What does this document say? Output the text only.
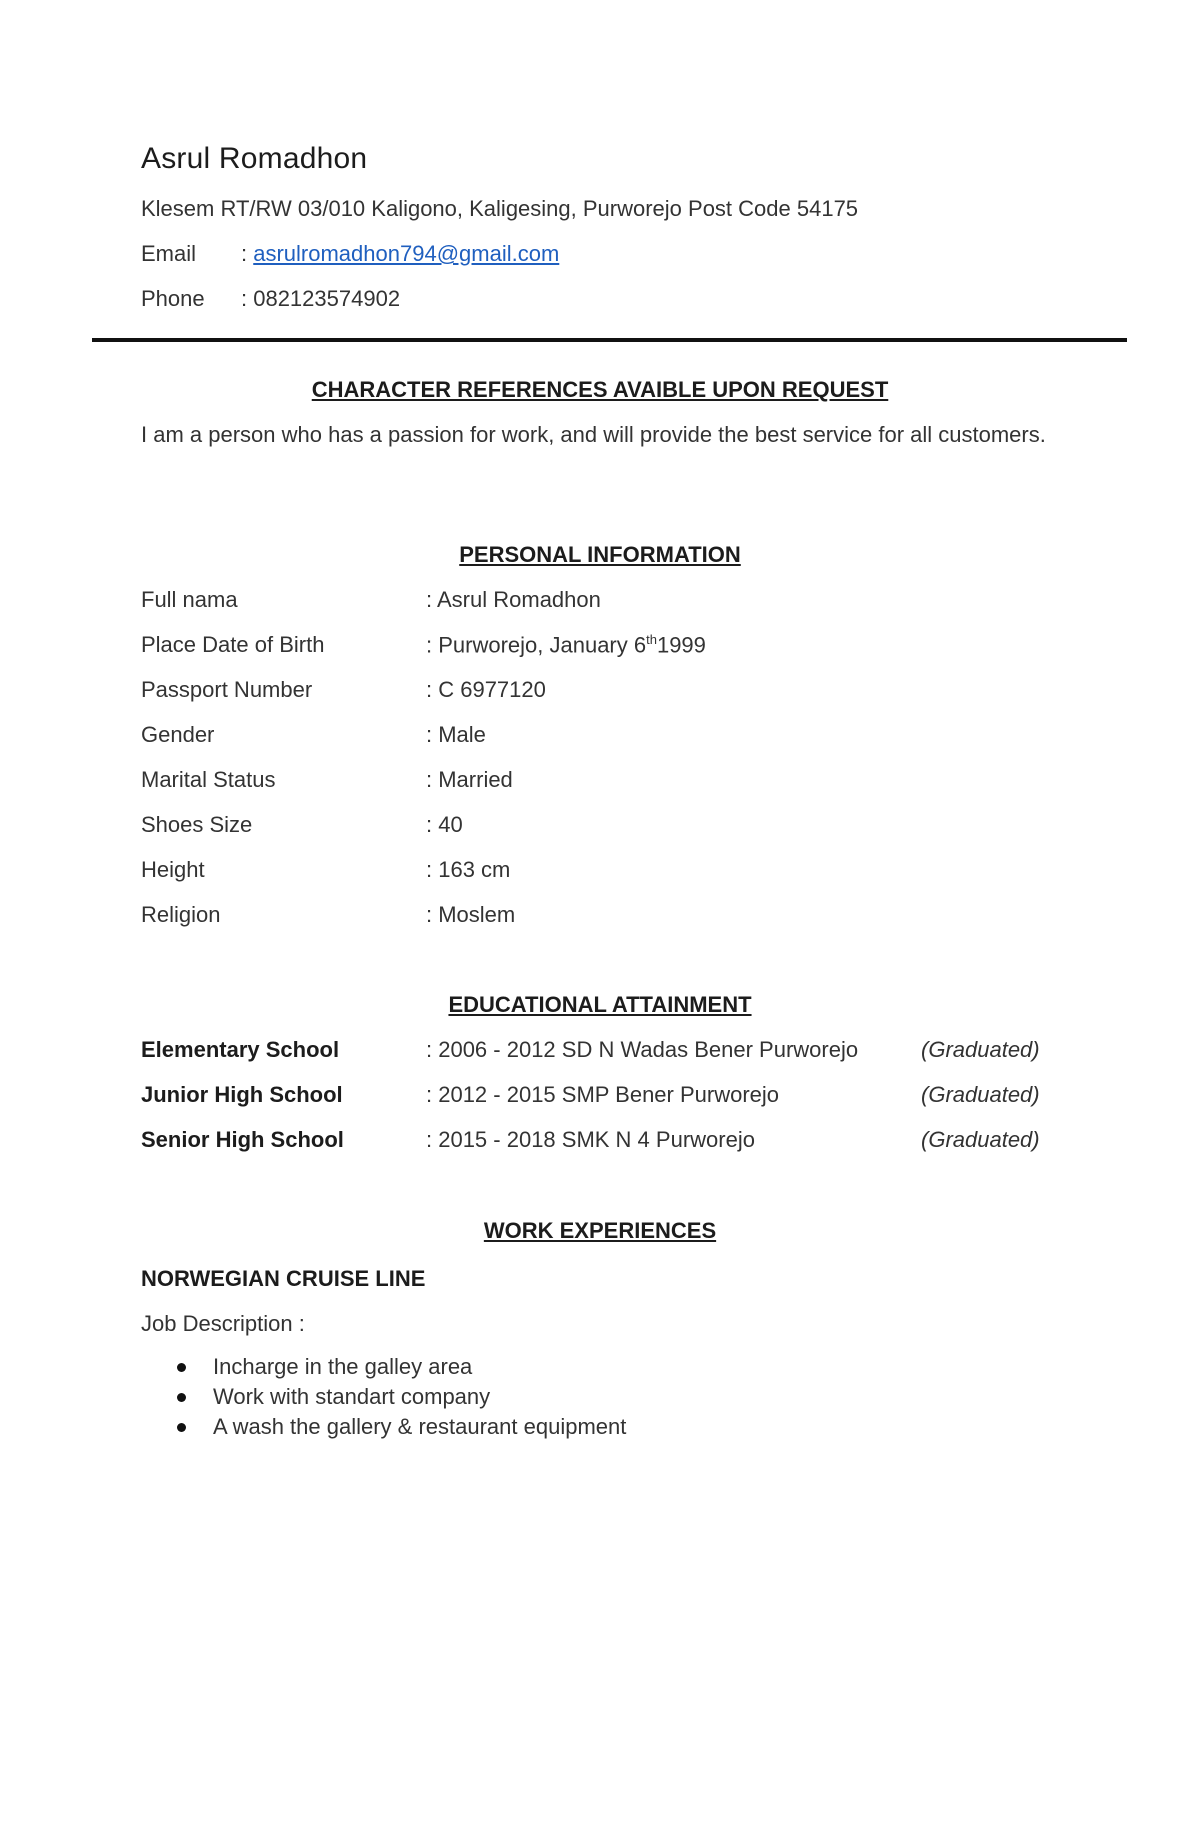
Asrul Romadhon
Klesem RT/RW 03/010 Kaligono, Kaligesing, Purworejo Post Code 54175
Email : asrulromadhon794@gmail.com
Phone : 082123574902
CHARACTER REFERENCES AVAIBLE UPON REQUEST
I am a person who has a passion for work, and will provide the best service for all customers.
PERSONAL INFORMATION
Full nama	: Asrul Romadhon
Place Date of Birth	: Purworejo, January 6th1999
Passport Number	: C 6977120
Gender	: Male
Marital Status	: Married
Shoes Size	: 40
Height	: 163 cm
Religion	: Moslem
EDUCATIONAL ATTAINMENT
Elementary School	: 2006 - 2012 SD N Wadas Bener Purworejo	(Graduated)
Junior High School	: 2012 - 2015 SMP Bener Purworejo	(Graduated)
Senior High School	: 2015 - 2018 SMK N 4 Purworejo	(Graduated)
WORK EXPERIENCES
NORWEGIAN CRUISE LINE
Job Description :
Incharge in the galley area
Work with standart company
A wash the gallery & restaurant equipment
